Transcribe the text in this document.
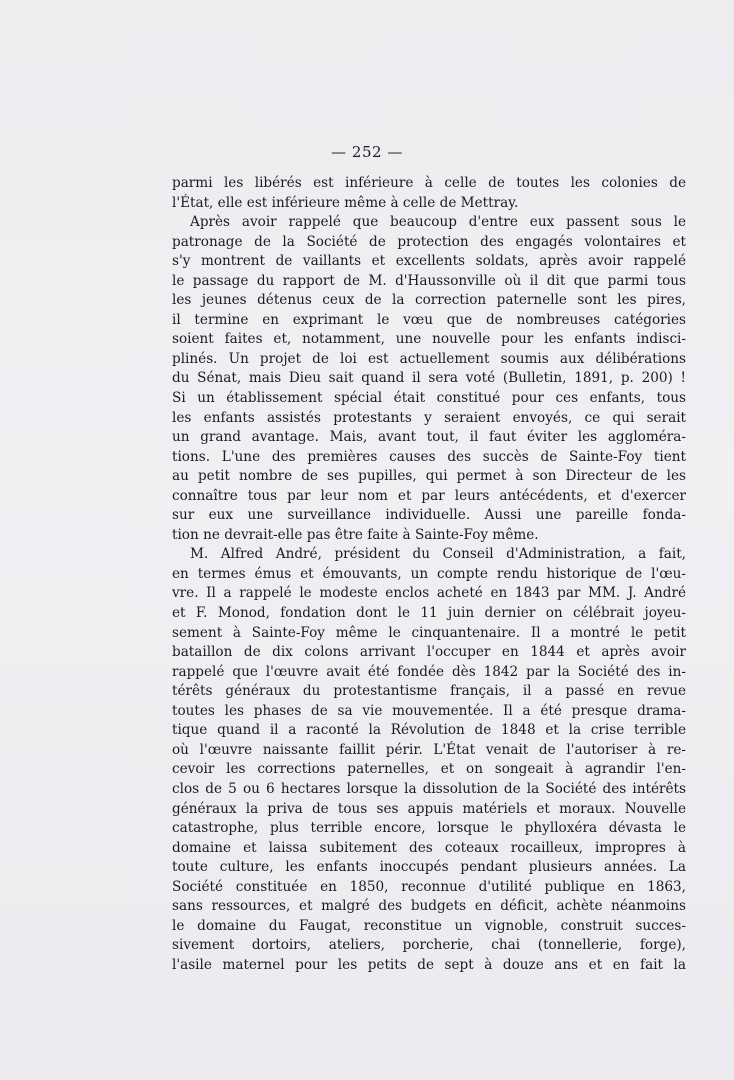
— 252 —
parmi les libérés est inférieure à celle de toutes les colonies de
l'État, elle est inférieure même à celle de Mettray.
Après avoir rappelé que beaucoup d'entre eux passent sous le
patronage de la Société de protection des engagés volontaires et
s'y montrent de vaillants et excellents soldats, après avoir rappelé
le passage du rapport de M. d'Haussonville où il dit que parmi tous
les jeunes détenus ceux de la correction paternelle sont les pires,
il termine en exprimant le vœu que de nombreuses catégories
soient faites et, notamment, une nouvelle pour les enfants indisci-
plinés. Un projet de loi est actuellement soumis aux délibérations
du Sénat, mais Dieu sait quand il sera voté (Bulletin, 1891, p. 200) !
Si un établissement spécial était constitué pour ces enfants, tous
les enfants assistés protestants y seraient envoyés, ce qui serait
un grand avantage. Mais, avant tout, il faut éviter les aggloméra-
tions. L'une des premières causes des succès de Sainte-Foy tient
au petit nombre de ses pupilles, qui permet à son Directeur de les
connaître tous par leur nom et par leurs antécédents, et d'exercer
sur eux une surveillance individuelle. Aussi une pareille fonda-
tion ne devrait-elle pas être faite à Sainte-Foy même.
M. Alfred André, président du Conseil d'Administration, a fait,
en termes émus et émouvants, un compte rendu historique de l'œu-
vre. Il a rappelé le modeste enclos acheté en 1843 par MM. J. André
et F. Monod, fondation dont le 11 juin dernier on célébrait joyeu-
sement à Sainte-Foy même le cinquantenaire. Il a montré le petit
bataillon de dix colons arrivant l'occuper en 1844 et après avoir
rappelé que l'œuvre avait été fondée dès 1842 par la Société des in-
térêts généraux du protestantisme français, il a passé en revue
toutes les phases de sa vie mouvementée. Il a été presque drama-
tique quand il a raconté la Révolution de 1848 et la crise terrible
où l'œuvre naissante faillit périr. L'État venait de l'autoriser à re-
cevoir les corrections paternelles, et on songeait à agrandir l'en-
clos de 5 ou 6 hectares lorsque la dissolution de la Société des intérêts
généraux la priva de tous ses appuis matériels et moraux. Nouvelle
catastrophe, plus terrible encore, lorsque le phylloxéra dévasta le
domaine et laissa subitement des coteaux rocailleux, impropres à
toute culture, les enfants inoccupés pendant plusieurs années. La
Société constituée en 1850, reconnue d'utilité publique en 1863,
sans ressources, et malgré des budgets en déficit, achète néanmoins
le domaine du Faugat, reconstitue un vignoble, construit succes-
sivement dortoirs, ateliers, porcherie, chai (tonnellerie, forge),
l'asile maternel pour les petits de sept à douze ans et en fait la
